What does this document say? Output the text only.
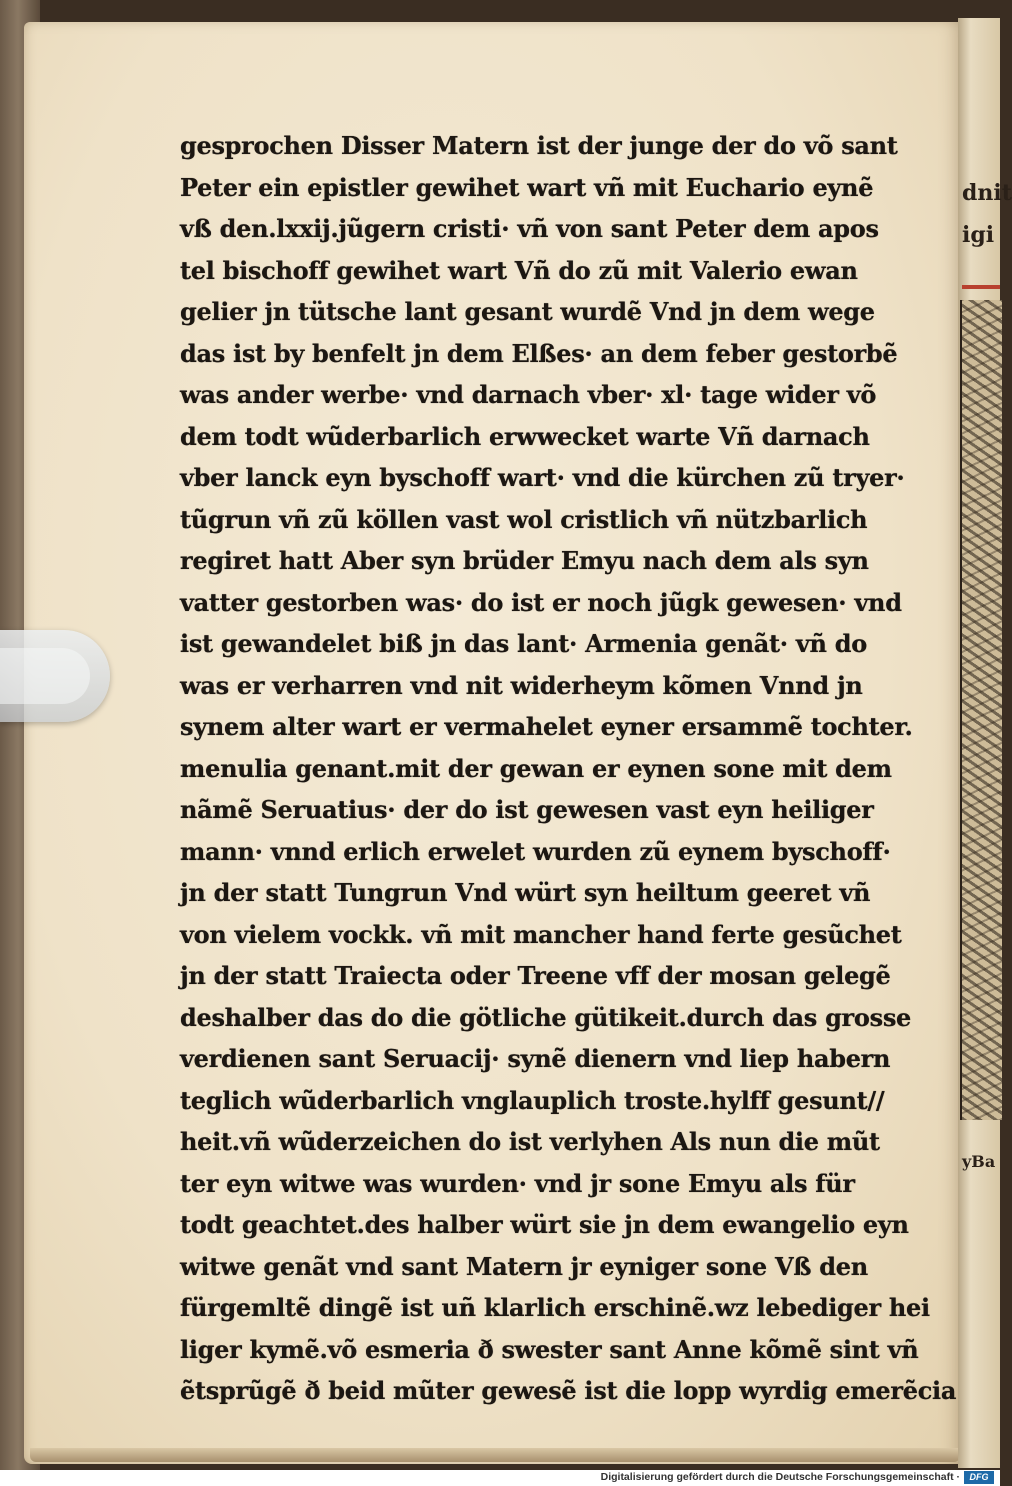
dnit
igi
yBa
gesprochen Disser Matern ist der junge der do võ sant
Peter ein epistler gewihet wart vñ mit Euchario eynẽ
vß den.lxxij.jũgern cristi· vñ von sant Peter dem apos
tel bischoff gewihet wart Vñ do zũ mit Valerio ewan
gelier jn tütsche lant gesant wurdẽ Vnd jn dem wege
das ist by benfelt jn dem Elßes· an dem feber gestorbẽ
was ander werbe· vnd darnach vber· xl· tage wider võ
dem todt wũderbarlich erwwecket warte Vñ darnach
vber lanck eyn byschoff wart· vnd die kürchen zũ tryer·
tũgrun vñ zũ köllen vast wol cristlich vñ nützbarlich
regiret hatt Aber syn brüder Emyu nach dem als syn
vatter gestorben was· do ist er noch jũgk gewesen· vnd
ist gewandelet biß jn das lant· Armenia genãt· vñ do
was er verharren vnd nit widerheym kõmen Vnnd jn
synem alter wart er vermahelet eyner ersammẽ tochter.
menulia genant.mit der gewan er eynen sone mit dem
nãmẽ Seruatius· der do ist gewesen vast eyn heiliger
mann· vnnd erlich erwelet wurden zũ eynem byschoff·
jn der statt Tungrun Vnd würt syn heiltum geeret vñ
von vielem vockk. vñ mit mancher hand ferte gesũchet
jn der statt Traiecta oder Treene vff der mosan gelegẽ
deshalber das do die götliche gütikeit.durch das grosse
verdienen sant Seruacij· synẽ dienern vnd liep habern
teglich wũderbarlich vnglauplich troste.hylff gesunt//
heit.vñ wũderzeichen do ist verlyhen Als nun die mũt
ter eyn witwe was wurden· vnd jr sone Emyu als für
todt geachtet.des halber würt sie jn dem ewangelio eyn
witwe genãt vnd sant Matern jr eyniger sone Vß den
fürgemltẽ dingẽ ist uñ klarlich erschinẽ.wz lebediger hei
liger kymẽ.võ esmeria ð swester sant Anne kõmẽ sint vñ
ẽtsprũgẽ ð beid mũter gewesẽ ist die lopp wyrdig emerẽcia
Digitalisierung gefördert durch die Deutsche Forschungsgemeinschaft ·	DFG
